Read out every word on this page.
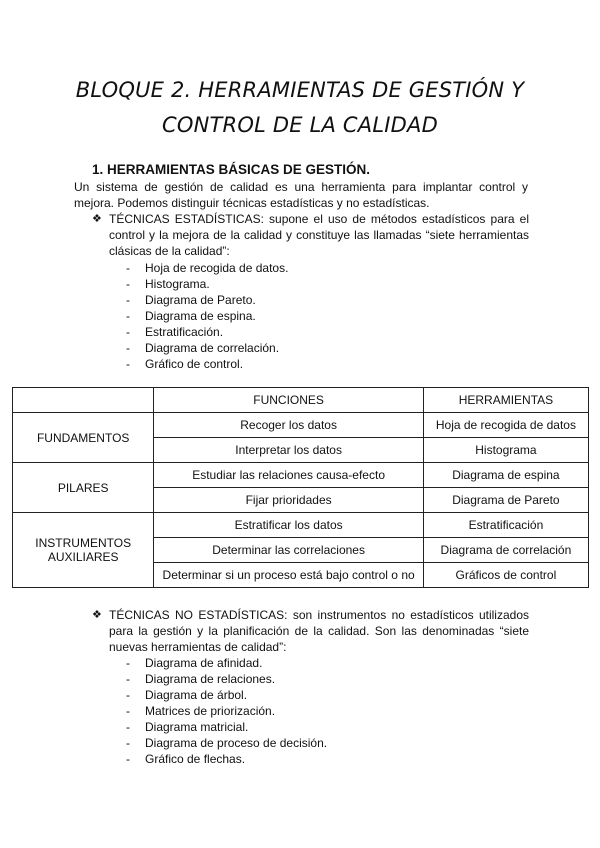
BLOQUE 2. HERRAMIENTAS DE GESTIÓN Y
CONTROL DE LA CALIDAD
1. HERRAMIENTAS BÁSICAS DE GESTIÓN.
Un sistema de gestión de calidad es una herramienta para implantar control y mejora. Podemos distinguir técnicas estadísticas y no estadísticas.
❖ TÉCNICAS ESTADÍSTICAS: supone el uso de métodos estadísticos para el control y la mejora de la calidad y constituye las llamadas “siete herramientas clásicas de la calidad”:
- Hoja de recogida de datos.
- Histograma.
- Diagrama de Pareto.
- Diagrama de espina.
- Estratificación.
- Diagrama de correlación.
- Gráfico de control.
	FUNCIONES	HERRAMIENTAS
FUNDAMENTOS	Recoger los datos	Hoja de recogida de datos
	Interpretar los datos	Histograma
PILARES	Estudiar las relaciones causa-efecto	Diagrama de espina
	Fijar prioridades	Diagrama de Pareto
INSTRUMENTOS AUXILIARES	Estratificar los datos	Estratificación
	Determinar las correlaciones	Diagrama de correlación
	Determinar si un proceso está bajo control o no	Gráficos de control
❖ TÉCNICAS NO ESTADÍSTICAS: son instrumentos no estadísticos utilizados para la gestión y la planificación de la calidad. Son las denominadas “siete nuevas herramientas de calidad”:
- Diagrama de afinidad.
- Diagrama de relaciones.
- Diagrama de árbol.
- Matrices de priorización.
- Diagrama matricial.
- Diagrama de proceso de decisión.
- Gráfico de flechas.
